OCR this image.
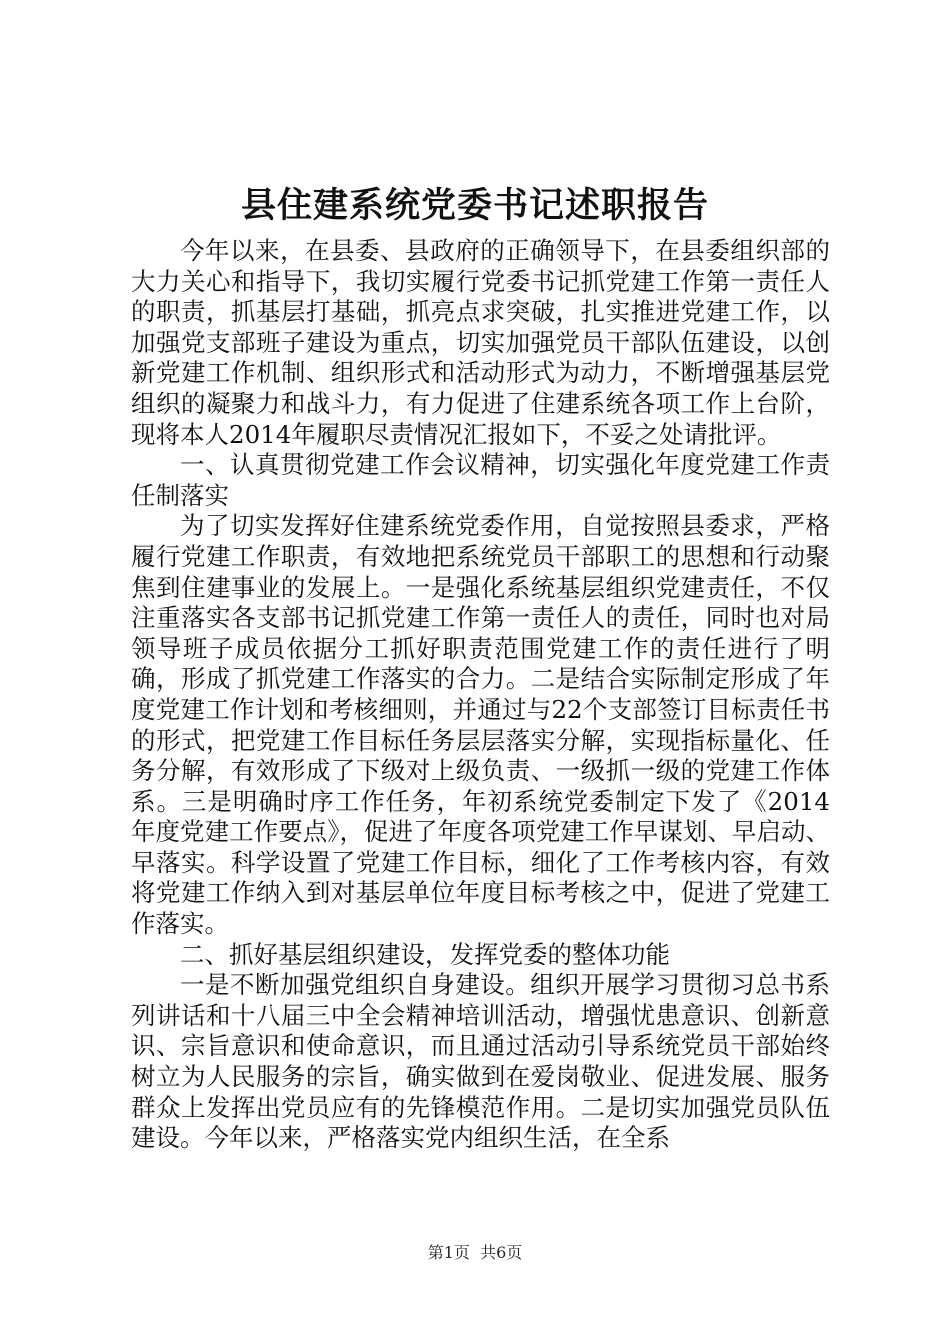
县住建系统党委书记述职报告

今年以来，在县委、县政府的正确领导下，在县委组织部的大力关心和指导下，我切实履行党委书记抓党建工作第一责任人的职责，抓基层打基础，抓亮点求突破，扎实推进党建工作，以加强党支部班子建设为重点，切实加强党员干部队伍建设，以创新党建工作机制、组织形式和活动形式为动力，不断增强基层党组织的凝聚力和战斗力，有力促进了住建系统各项工作上台阶，现将本人2014年履职尽责情况汇报如下，不妥之处请批评。

一、认真贯彻党建工作会议精神，切实强化年度党建工作责任制落实

为了切实发挥好住建系统党委作用，自觉按照县委求，严格履行党建工作职责，有效地把系统党员干部职工的思想和行动聚焦到住建事业的发展上。一是强化系统基层组织党建责任，不仅注重落实各支部书记抓党建工作第一责任人的责任，同时也对局领导班子成员依据分工抓好职责范围党建工作的责任进行了明确，形成了抓党建工作落实的合力。二是结合实际制定形成了年度党建工作计划和考核细则，并通过与22个支部签订目标责任书的形式，把党建工作目标任务层层落实分解，实现指标量化、任务分解，有效形成了下级对上级负责、一级抓一级的党建工作体系。三是明确时序工作任务，年初系统党委制定下发了《2014年度党建工作要点》，促进了年度各项党建工作早谋划、早启动、早落实。科学设置了党建工作目标，细化了工作考核内容，有效将党建工作纳入到对基层单位年度目标考核之中，促进了党建工作落实。

二、抓好基层组织建设，发挥党委的整体功能

一是不断加强党组织自身建设。组织开展学习贯彻习总书系列讲话和十八届三中全会精神培训活动，增强忧患意识、创新意识、宗旨意识和使命意识，而且通过活动引导系统党员干部始终树立为人民服务的宗旨，确实做到在爱岗敬业、促进发展、服务群众上发挥出党员应有的先锋模范作用。二是切实加强党员队伍建设。今年以来，严格落实党内组织生活，在全系

第1页 共6页
